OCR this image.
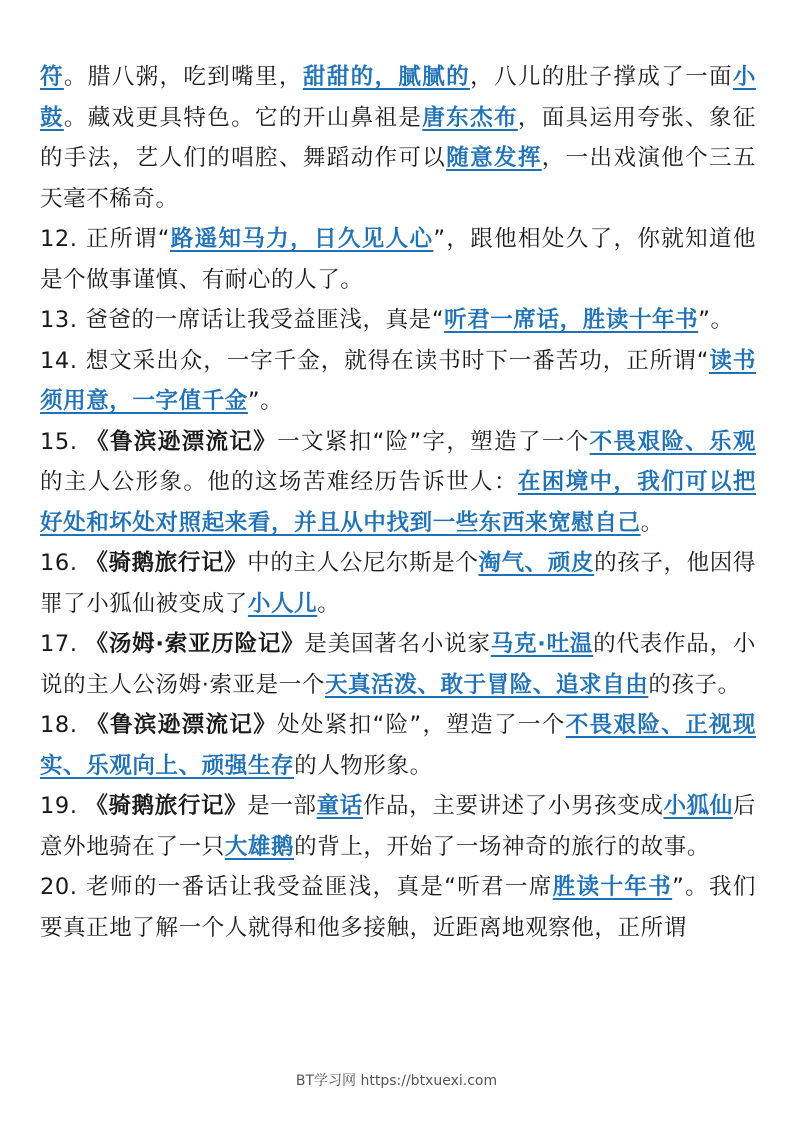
符。腊八粥，吃到嘴里，甜甜的，腻腻的，八儿的肚子撑成了一面小鼓。藏戏更具特色。它的开山鼻祖是唐东杰布，面具运用夸张、象征的手法，艺人们的唱腔、舞蹈动作可以随意发挥，一出戏演他个三五天毫不稀奇。
12. 正所谓“路遥知马力，日久见人心”，跟他相处久了，你就知道他是个做事谨慎、有耐心的人了。
13. 爸爸的一席话让我受益匪浅，真是“听君一席话，胜读十年书”。
14. 想文采出众，一字千金，就得在读书时下一番苦功，正所谓“读书须用意，一字值千金”。
15. 《鲁滨逊漂流记》一文紧扣“险”字，塑造了一个不畏艰险、乐观的主人公形象。他的这场苦难经历告诉世人：在困境中，我们可以把好处和坏处对照起来看，并且从中找到一些东西来宽慰自己。
16. 《骑鹅旅行记》中的主人公尼尔斯是个淘气、顽皮的孩子，他因得罪了小狐仙被变成了小人儿。
17. 《汤姆·索亚历险记》是美国著名小说家马克·吐温的代表作品，小说的主人公汤姆·索亚是一个天真活泼、敢于冒险、追求自由的孩子。
18. 《鲁滨逊漂流记》处处紧扣“险”，塑造了一个不畏艰险、正视现实、乐观向上、顽强生存的人物形象。
19. 《骑鹅旅行记》是一部童话作品，主要讲述了小男孩变成小狐仙后意外地骑在了一只大雄鹅的背上，开始了一场神奇的旅行的故事。
20. 老师的一番话让我受益匪浅，真是“听君一席胜读十年书”。我们要真正地了解一个人就得和他多接触，近距离地观察他，正所谓
BT学习网 https://btxuexi.com
